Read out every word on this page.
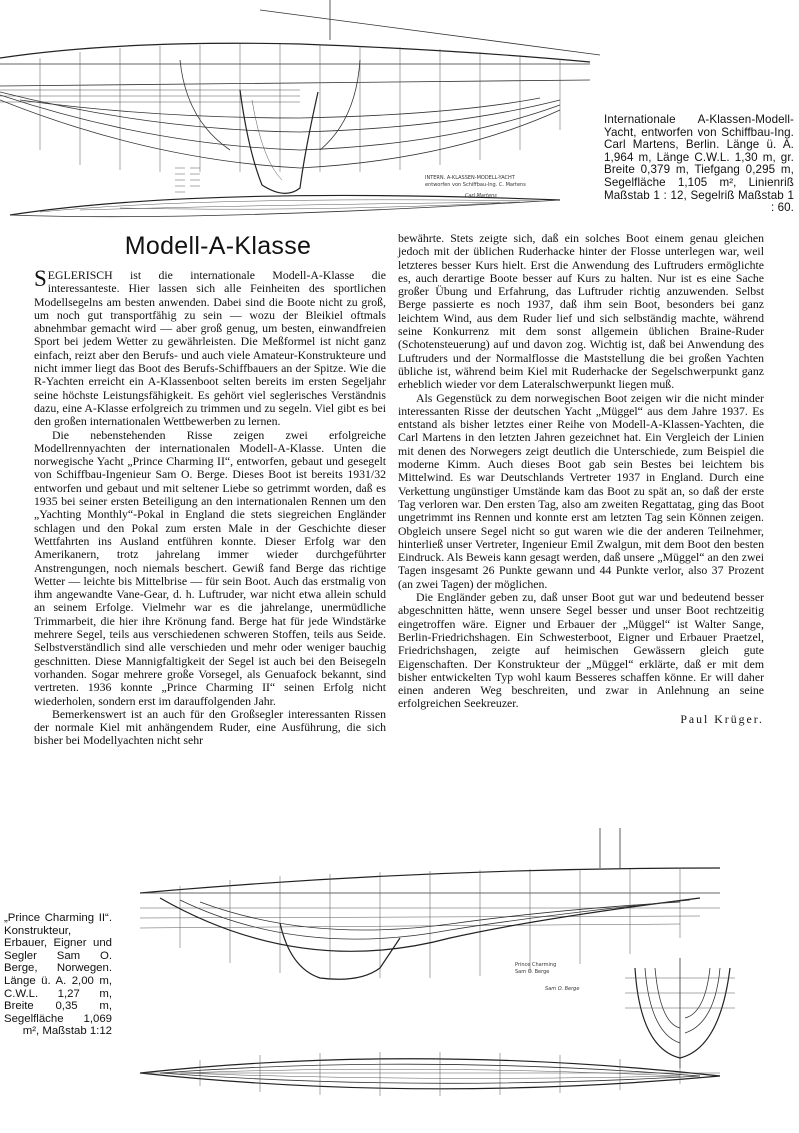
INTERN. A-KLASSEN-MODELL-YACHT
entworfen von Schiffbau-Ing. C. Martens
Carl Martens
Internationale A-Klassen-Modell-Yacht, entworfen von Schiffbau-Ing. Carl Martens, Berlin. Länge ü. A. 1,964 m, Länge C.W.L. 1,30 m, gr. Breite 0,379 m, Tiefgang 0,295 m, Segelfläche 1,105 m², Linienriß Maßstab 1 : 12, Segelriß Maßstab 1 : 60.
Modell-A-Klasse

SEGLERISCH ist die internationale Modell-A-Klasse die interessanteste. Hier lassen sich alle Feinheiten des sportlichen Modellsegelns am besten anwenden. Dabei sind die Boote nicht zu groß, um noch gut transportfähig zu sein — wozu der Bleikiel oftmals abnehmbar gemacht wird — aber groß genug, um besten, einwandfreien Sport bei jedem Wetter zu gewährleisten. Die Meßformel ist nicht ganz einfach, reizt aber den Berufs- und auch viele Amateur-Konstrukteure und nicht immer liegt das Boot des Berufs-Schiffbauers an der Spitze. Wie die R-Yachten erreicht ein A-Klassenboot selten bereits im ersten Segeljahr seine höchste Leistungsfähigkeit. Es gehört viel seglerisches Verständnis dazu, eine A-Klasse erfolgreich zu trimmen und zu segeln. Viel gibt es bei den großen internationalen Wettbewerben zu lernen.

Die nebenstehenden Risse zeigen zwei erfolgreiche Modellrennyachten der internationalen Modell-A-Klasse. Unten die norwegische Yacht „Prince Charming II“, entworfen, gebaut und gesegelt von Schiffbau-Ingenieur Sam O. Berge. Dieses Boot ist bereits 1931/32 entworfen und gebaut und mit seltener Liebe so getrimmt worden, daß es 1935 bei seiner ersten Beteiligung an den internationalen Rennen um den „Yachting Monthly“-Pokal in England die stets siegreichen Engländer schlagen und den Pokal zum ersten Male in der Geschichte dieser Wettfahrten ins Ausland entführen konnte. Dieser Erfolg war den Amerikanern, trotz jahrelang immer wieder durchgeführter Anstrengungen, noch niemals beschert. Gewiß fand Berge das richtige Wetter — leichte bis Mittelbrise — für sein Boot. Auch das erstmalig von ihm angewandte Vane-Gear, d. h. Luftruder, war nicht etwa allein schuld an seinem Erfolge. Vielmehr war es die jahrelange, unermüdliche Trimmarbeit, die hier ihre Krönung fand. Berge hat für jede Windstärke mehrere Segel, teils aus verschiedenen schweren Stoffen, teils aus Seide. Selbstverständlich sind alle verschieden und mehr oder weniger bauchig geschnitten. Diese Mannigfaltigkeit der Segel ist auch bei den Beisegeln vorhanden. Sogar mehrere große Vorsegel, als Genuafock bekannt, sind vertreten. 1936 konnte „Prince Charming II“ seinen Erfolg nicht wiederholen, sondern erst im darauffolgenden Jahr.

Bemerkenswert ist an auch für den Großsegler interessanten Rissen der normale Kiel mit anhängendem Ruder, eine Ausführung, die sich bisher bei Modellyachten nicht sehr

bewährte. Stets zeigte sich, daß ein solches Boot einem genau gleichen jedoch mit der üblichen Ruderhacke hinter der Flosse unterlegen war, weil letzteres besser Kurs hielt. Erst die Anwendung des Luftruders ermöglichte es, auch derartige Boote besser auf Kurs zu halten. Nur ist es eine Sache großer Übung und Erfahrung, das Luftruder richtig anzuwenden. Selbst Berge passierte es noch 1937, daß ihm sein Boot, besonders bei ganz leichtem Wind, aus dem Ruder lief und sich selbständig machte, während seine Konkurrenz mit dem sonst allgemein üblichen Braine-Ruder (Schotensteuerung) auf und davon zog. Wichtig ist, daß bei Anwendung des Luftruders und der Normalflosse die Maststellung die bei großen Yachten übliche ist, während beim Kiel mit Ruderhacke der Segelschwerpunkt ganz erheblich wieder vor dem Lateralschwerpunkt liegen muß.

Als Gegenstück zu dem norwegischen Boot zeigen wir die nicht minder interessanten Risse der deutschen Yacht „Müggel“ aus dem Jahre 1937. Es entstand als bisher letztes einer Reihe von Modell-A-Klassen-Yachten, die Carl Martens in den letzten Jahren gezeichnet hat. Ein Vergleich der Linien mit denen des Norwegers zeigt deutlich die Unterschiede, zum Beispiel die moderne Kimm. Auch dieses Boot gab sein Bestes bei leichtem bis Mittelwind. Es war Deutschlands Vertreter 1937 in England. Durch eine Verkettung ungünstiger Umstände kam das Boot zu spät an, so daß der erste Tag verloren war. Den ersten Tag, also am zweiten Regattatag, ging das Boot ungetrimmt ins Rennen und konnte erst am letzten Tag sein Können zeigen. Obgleich unsere Segel nicht so gut waren wie die der anderen Teilnehmer, hinterließ unser Vertreter, Ingenieur Emil Zwalgun, mit dem Boot den besten Eindruck. Als Beweis kann gesagt werden, daß unsere „Müggel“ an den zwei Tagen insgesamt 26 Punkte gewann und 44 Punkte verlor, also 37 Prozent (an zwei Tagen) der möglichen.

Die Engländer geben zu, daß unser Boot gut war und bedeutend besser abgeschnitten hätte, wenn unsere Segel besser und unser Boot rechtzeitig eingetroffen wäre. Eigner und Erbauer der „Müggel“ ist Walter Sange, Berlin-Friedrichshagen. Ein Schwesterboot, Eigner und Erbauer Praetzel, Friedrichshagen, zeigte auf heimischen Gewässern gleich gute Eigenschaften. Der Konstrukteur der „Müggel“ erklärte, daß er mit dem bisher entwickelten Typ wohl kaum Besseres schaffen könne. Er will daher einen anderen Weg beschreiten, und zwar in Anlehnung an seine erfolgreichen Seekreuzer.

Paul Krüger.
Prince Charming
Sam O. Berge
Sam O. Berge
„Prince Charming II“. Konstrukteur, Erbauer, Eigner und Segler Sam O. Berge, Norwegen. Länge ü. A. 2,00 m, C.W.L. 1,27 m, Breite 0,35 m, Segelfläche 1,069 m², Maßstab 1:12
